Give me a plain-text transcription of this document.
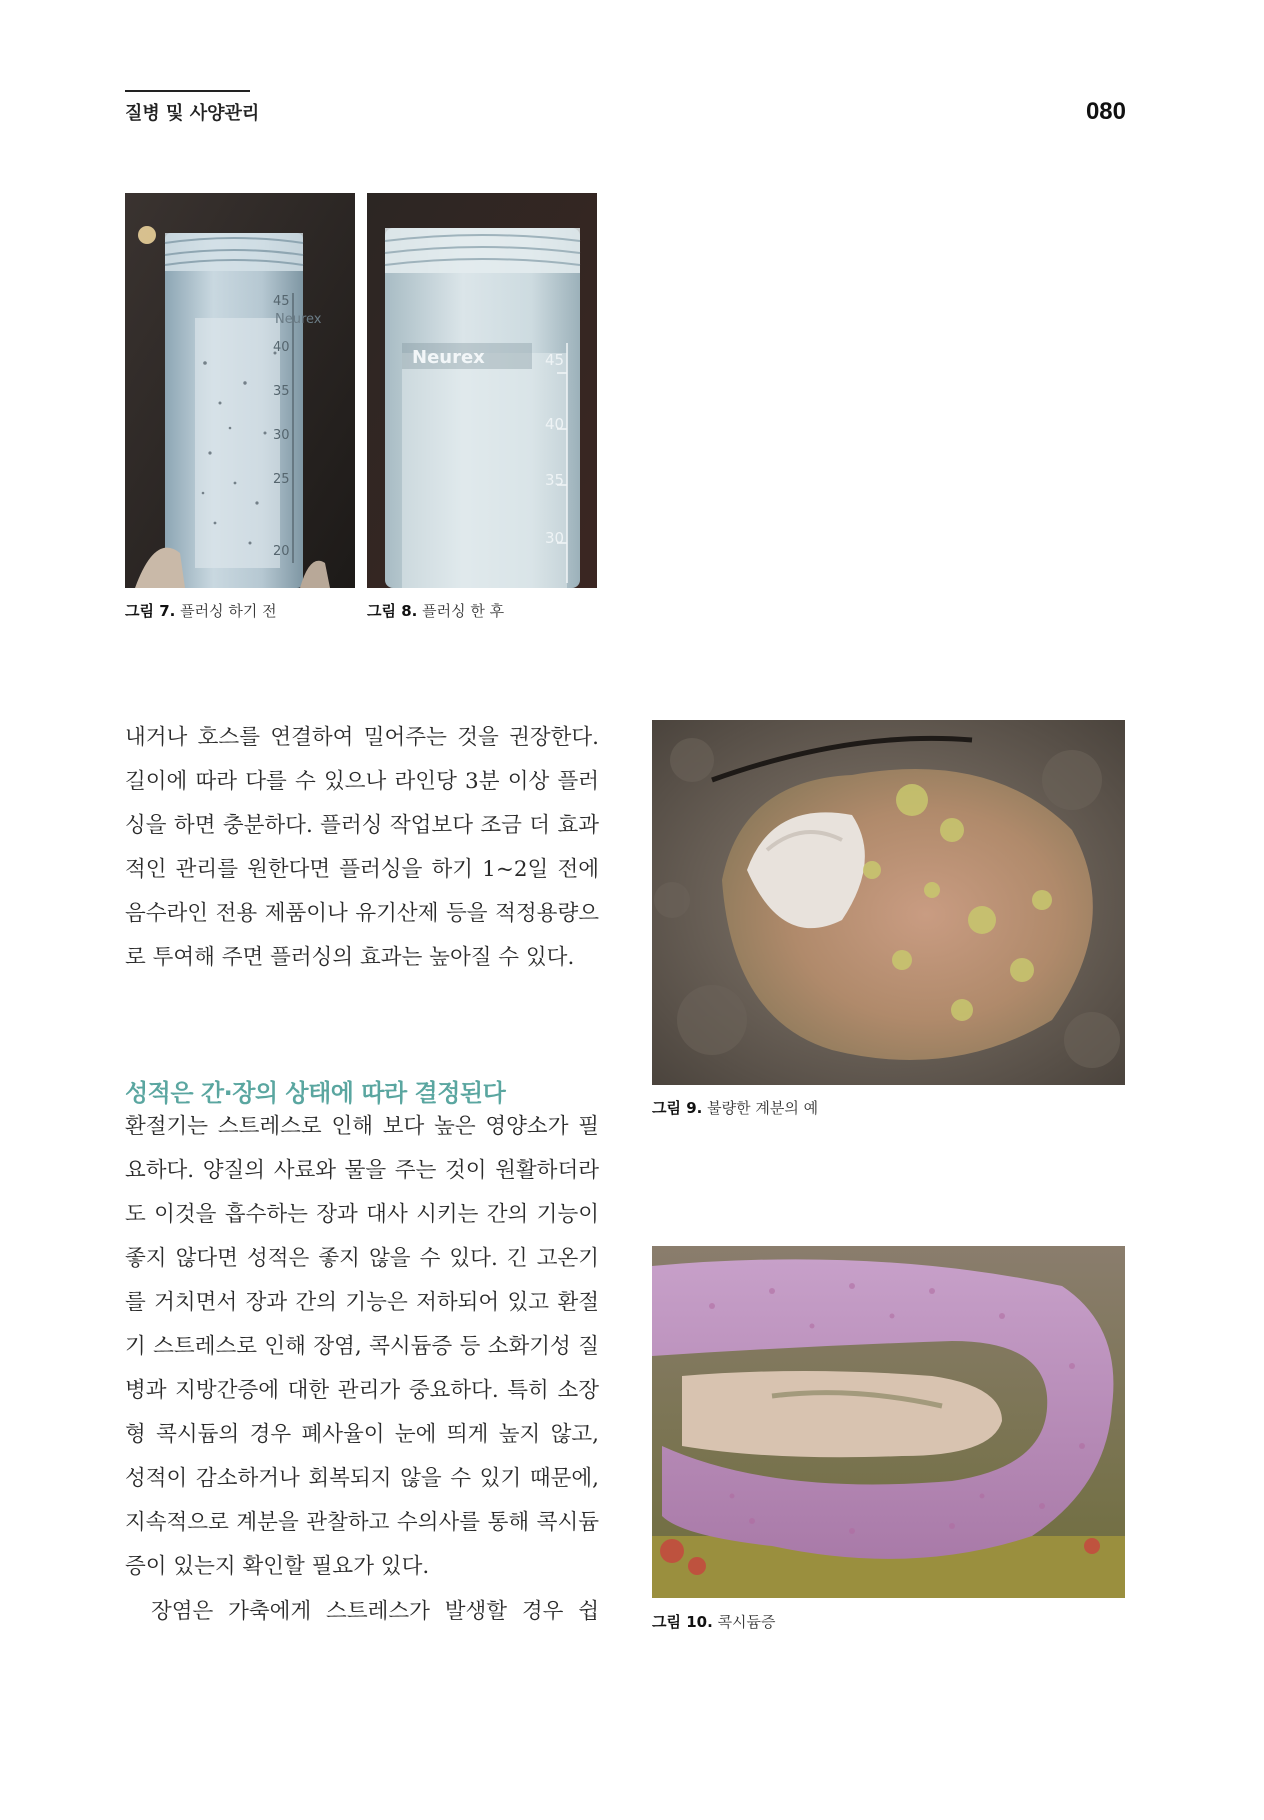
질병 및 사양관리	080
Neurex
45
40
35
30
25
20
그림 7. 플러싱 하기 전
Neurex	45
40
35
30
그림 8. 플러싱 한 후

내거나 호스를 연결하여 밀어주는 것을 권장한다. 길이에 따라 다를 수 있으나 라인당 3분 이상 플러싱을 하면 충분하다. 플러싱 작업보다 조금 더 효과적인 관리를 원한다면 플러싱을 하기 1~2일 전에 음수라인 전용 제품이나 유기산제 등을 적정용량으로 투여해 주면 플러싱의 효과는 높아질 수 있다.

성적은 간·장의 상태에 따라 결정된다

환절기는 스트레스로 인해 보다 높은 영양소가 필요하다. 양질의 사료와 물을 주는 것이 원활하더라도 이것을 흡수하는 장과 대사 시키는 간의 기능이 좋지 않다면 성적은 좋지 않을 수 있다. 긴 고온기를 거치면서 장과 간의 기능은 저하되어 있고 환절기 스트레스로 인해 장염, 콕시듐증 등 소화기성 질병과 지방간증에 대한 관리가 중요하다. 특히 소장형 콕시듐의 경우 폐사율이 눈에 띄게 높지 않고, 성적이 감소하거나 회복되지 않을 수 있기 때문에, 지속적으로 계분을 관찰하고 수의사를 통해 콕시듐증이 있는지 확인할 필요가 있다.

장염은 가축에게 스트레스가 발생할 경우 쉽

그림 9. 불량한 계분의 예
그림 10. 콕시듐증
